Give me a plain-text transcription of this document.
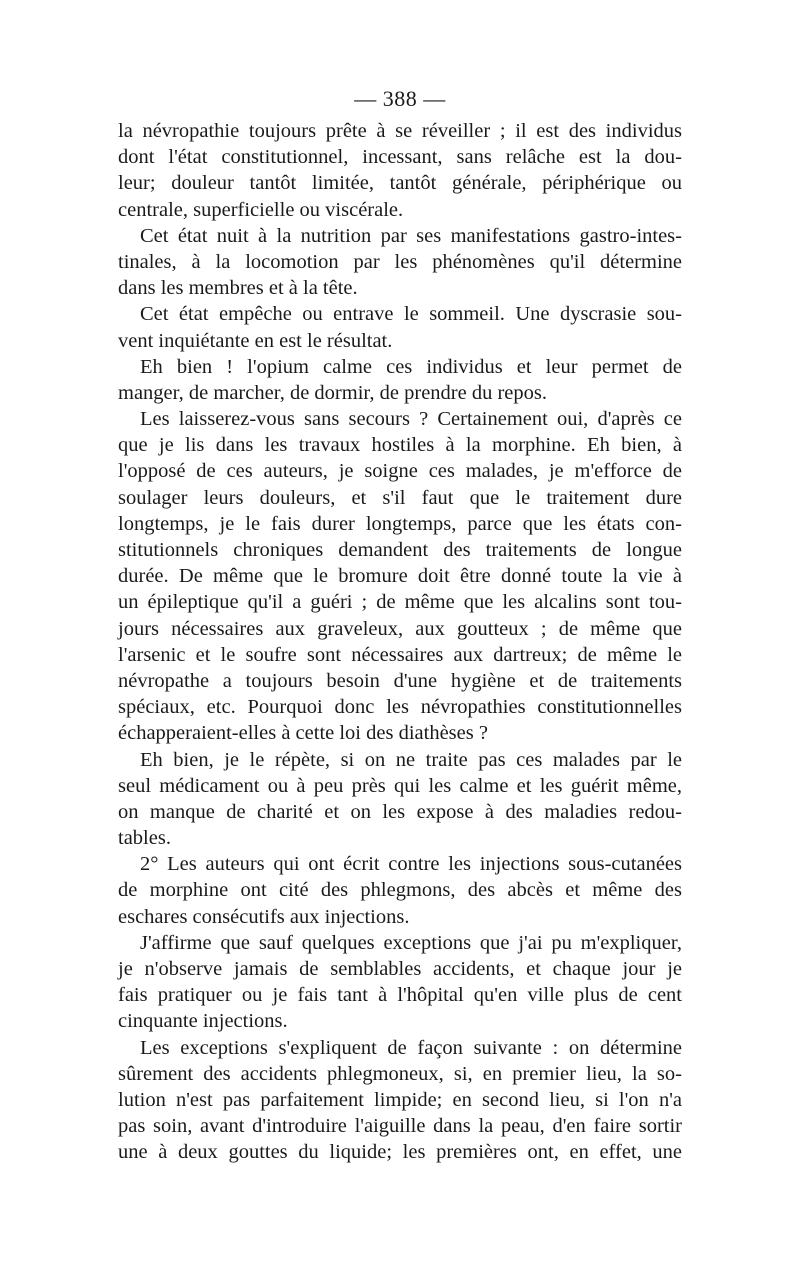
— 388 —
la névropathie toujours prête à se réveiller ; il est des individus
dont l'état constitutionnel, incessant, sans relâche est la dou-
leur; douleur tantôt limitée, tantôt générale, périphérique ou
centrale, superficielle ou viscérale.
Cet état nuit à la nutrition par ses manifestations gastro-intes-
tinales, à la locomotion par les phénomènes qu'il détermine
dans les membres et à la tête.
Cet état empêche ou entrave le sommeil. Une dyscrasie sou-
vent inquiétante en est le résultat.
Eh bien ! l'opium calme ces individus et leur permet de
manger, de marcher, de dormir, de prendre du repos.
Les laisserez-vous sans secours ? Certainement oui, d'après ce
que je lis dans les travaux hostiles à la morphine. Eh bien, à
l'opposé de ces auteurs, je soigne ces malades, je m'efforce de
soulager leurs douleurs, et s'il faut que le traitement dure
longtemps, je le fais durer longtemps, parce que les états con-
stitutionnels chroniques demandent des traitements de longue
durée. De même que le bromure doit être donné toute la vie à
un épileptique qu'il a guéri ; de même que les alcalins sont tou-
jours nécessaires aux graveleux, aux goutteux ; de même que
l'arsenic et le soufre sont nécessaires aux dartreux; de même le
névropathe a toujours besoin d'une hygiène et de traitements
spéciaux, etc. Pourquoi donc les névropathies constitutionnelles
échapperaient-elles à cette loi des diathèses ?
Eh bien, je le répète, si on ne traite pas ces malades par le
seul médicament ou à peu près qui les calme et les guérit même,
on manque de charité et on les expose à des maladies redou-
tables.
2° Les auteurs qui ont écrit contre les injections sous-cutanées
de morphine ont cité des phlegmons, des abcès et même des
eschares consécutifs aux injections.
J'affirme que sauf quelques exceptions que j'ai pu m'expliquer,
je n'observe jamais de semblables accidents, et chaque jour je
fais pratiquer ou je fais tant à l'hôpital qu'en ville plus de cent
cinquante injections.
Les exceptions s'expliquent de façon suivante : on détermine
sûrement des accidents phlegmoneux, si, en premier lieu, la so-
lution n'est pas parfaitement limpide; en second lieu, si l'on n'a
pas soin, avant d'introduire l'aiguille dans la peau, d'en faire sortir
une à deux gouttes du liquide; les premières ont, en effet, une
